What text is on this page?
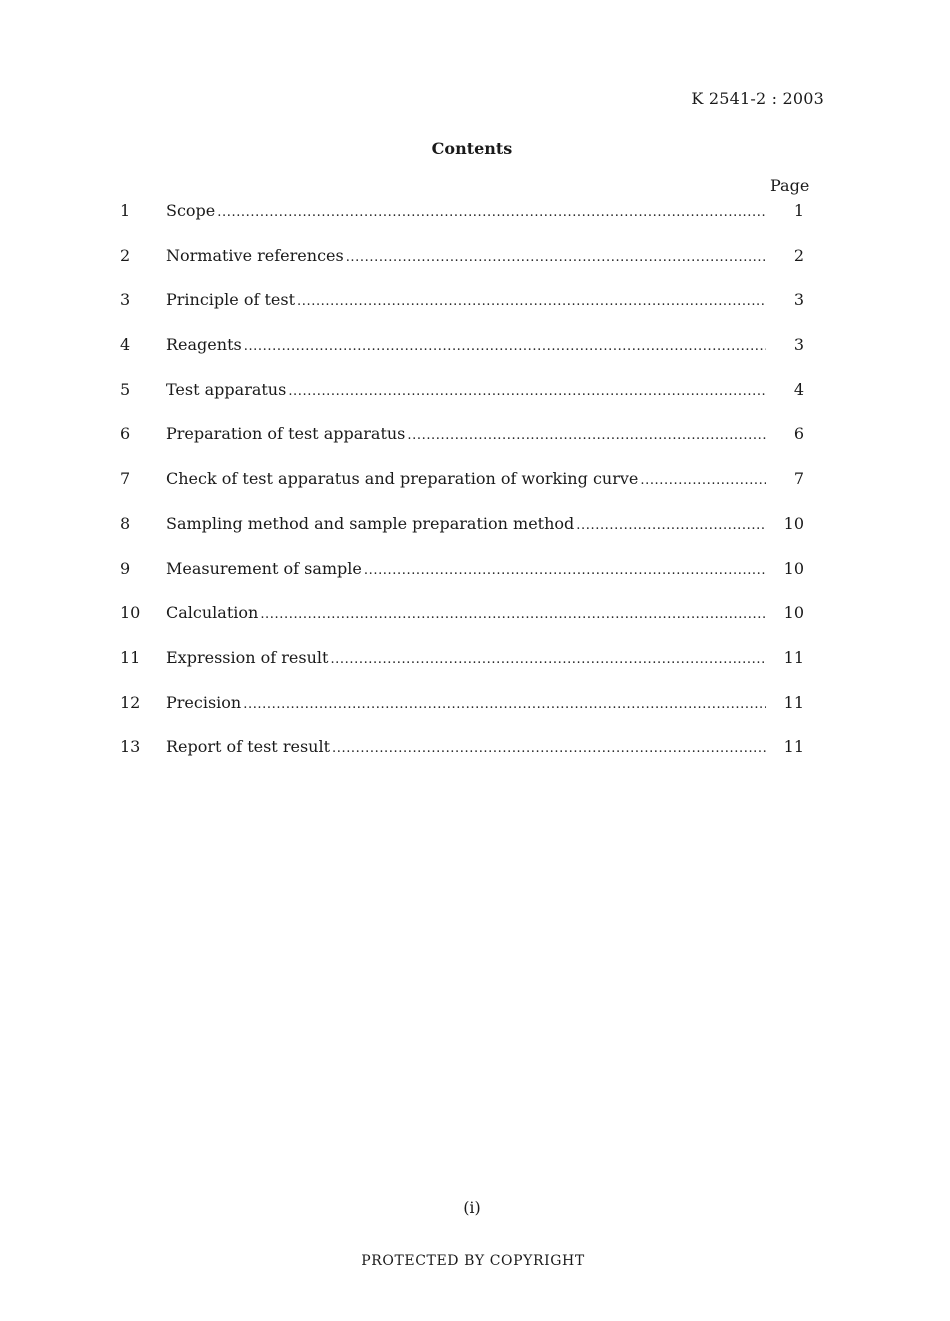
K 2541-2 : 2003
Contents
Page
1	Scope .....	1
2	Normative references .....	2
3	Principle of test .....	3
4	Reagents .....	3
5	Test apparatus .....	4
6	Preparation of test apparatus .....	6
7	Check of test apparatus and preparation of working curve .....	7
8	Sampling method and sample preparation method .....	10
9	Measurement of sample .....	10
10	Calculation .....	10
11	Expression of result .....	11
12	Precision .....	11
13	Report of test result .....	11
(i)
PROTECTED BY COPYRIGHT
